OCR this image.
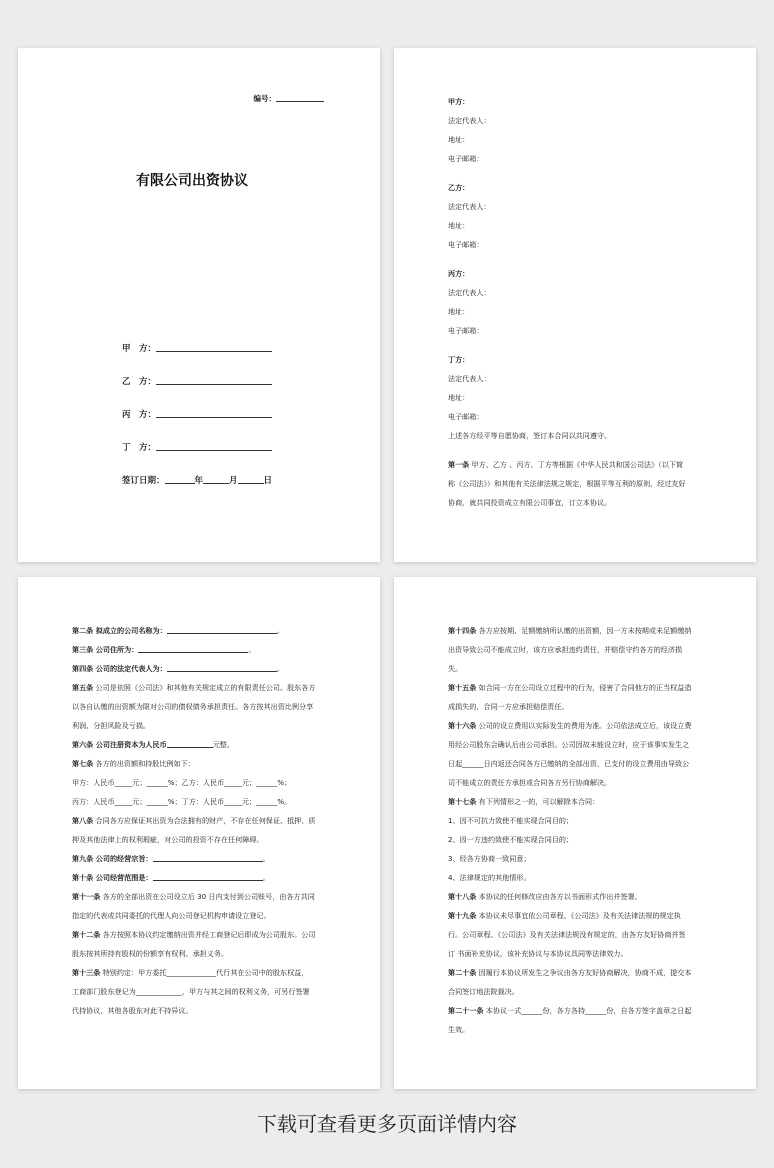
编号：
有限公司出资协议
甲　方：
乙　方：
丙　方：
丁　方：
签订日期：	年	月	日

甲方：

法定代表人：

地址：

电子邮箱：

乙方：

法定代表人：

地址：

电子邮箱：

丙方：

法定代表人：

地址：

电子邮箱：

丁方：

法定代表人：

地址：

电子邮箱：

上述各方经平等自愿协商，签订本合同以共同遵守。

第一条 甲方、乙方 、丙方、丁方等根据《中华人民共和国公司法》（以下简

称《公司法》）和其他有关法律法规之规定，根据平等互利的原则，经过友好

协商，就共同投资成立有限公司事宜，订立本协议。

第二条 拟成立的公司名称为：	。

第三条 公司住所为：	。

第四条 公司的法定代表人为：	。

第五条 公司是依照《公司法》和其他有关规定成立的有限责任公司。股东各方

以各自认缴的出资额为限对公司的债权债务承担责任。各方按其出资比例分享

利润、分担风险及亏损。

第六条 公司注册资本为人民币	元整。

第七条 各方的出资额和持股比例如下：

甲方：人民币_____元；______%；乙方：人民币_____元；______%；

丙方：人民币_____元；______%；丁方：人民币_____元；______%。

第八条 合同各方应保证其出资为合法拥有的财产，不存在任何保证、抵押、质

押及其他法律上的权利瑕疵，对公司的投资不存在任何障碍。

第九条 公司的经营宗旨：	。

第十条 公司经营范围是：	。

第十一条 各方的全部出资在公司设立后 30 日内支付到公司账号，由各方共同

指定的代表或共同委托的代理人向公司登记机构申请设立登记。

第十二条 各方按照本协议约定缴纳出资并经工商登记后即成为公司股东。公司

股东按其所持有股权的份额享有权利、承担义务。

第十三条 特别约定：甲方委托______________代行其在公司中的股东权益，

工商部门股东登记为_____________，甲方与其之间的权利义务，可另行签署

代持协议，其他各股东对此不持异议。

第十四条 各方应按期、足额缴纳所认缴的出资额，因一方未按期或未足额缴纳

出资导致公司不能成立时，该方应承担违约责任，并赔偿守约各方的经济损

失。

第十五条 如合同一方在公司设立过程中的行为，侵害了合同他方的正当权益造

成损失的，合同一方应承担赔偿责任。

第十六条 公司的设立费用以实际发生的费用为准。公司依法成立后，该设立费

用经公司股东会确认后由公司承担。公司因故未能设立时，应于该事实发生之

日起______日内返还合同各方已缴纳的全部出资，已支付的设立费用由导致公

司不能成立的责任方承担或合同各方另行协商解决。

第十七条 有下列情形之一的，可以解除本合同：

1、因不可抗力致使不能实现合同目的；

2、因一方违约致使不能实现合同目的；

3、经各方协商一致同意；

4、法律规定的其他情形。

第十八条 本协议的任何修改应由各方以书面形式作出并签署。

第十九条 本协议未尽事宜依公司章程、《公司法》及有关法律法规的规定执

行。公司章程、《公司法》及有关法律法规没有规定的，由各方友好协商并签

订 书面补充协议，该补充协议与本协议具同等法律效力。

第二十条 因履行本协议所发生之争议由各方友好协商解决，协商不成，提交本

合同签订地法院裁决。

第二十一条 本协议一式______份，各方各持______份，自各方签字盖章之日起

生效。

下载可查看更多页面详情内容
